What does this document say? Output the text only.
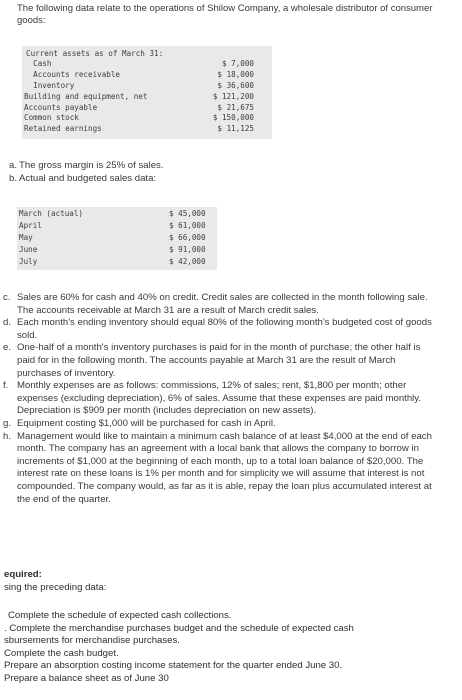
The following data relate to the operations of Shilow Company, a wholesale distributor of consumer goods:
Current assets as of March 31:
Cash	$ 7,000
Accounts receivable	$ 18,000
Inventory	$ 36,600
Building and equipment, net	$ 121,200
Accounts payable	$ 21,675
Common stock	$ 150,000
Retained earnings	$ 11,125
a. The gross margin is 25% of sales.
b. Actual and budgeted sales data:
March (actual)	$ 45,000
April	$ 61,000
May	$ 66,000
June	$ 91,000
July	$ 42,000
c. Sales are 60% for cash and 40% on credit. Credit sales are collected in the month following sale. The accounts receivable at March 31 are a result of March credit sales.
d. Each month's ending inventory should equal 80% of the following month's budgeted cost of goods sold.
e. One-half of a month's inventory purchases is paid for in the month of purchase; the other half is paid for in the following month. The accounts payable at March 31 are the result of March purchases of inventory.
f. Monthly expenses are as follows: commissions, 12% of sales; rent, $1,800 per month; other expenses (excluding depreciation), 6% of sales. Assume that these expenses are paid monthly. Depreciation is $909 per month (includes depreciation on new assets).
g. Equipment costing $1,000 will be purchased for cash in April.
h. Management would like to maintain a minimum cash balance of at least $4,000 at the end of each month. The company has an agreement with a local bank that allows the company to borrow in increments of $1,000 at the beginning of each month, up to a total loan balance of $20,000. The interest rate on these loans is 1% per month and for simplicity we will assume that interest is not compounded. The company would, as far as it is able, repay the loan plus accumulated interest at the end of the quarter.
equired:
sing the preceding data:
Complete the schedule of expected cash collections.
. Complete the merchandise purchases budget and the schedule of expected cash
sbursements for merchandise purchases.
Complete the cash budget.
Prepare an absorption costing income statement for the quarter ended June 30.
Prepare a balance sheet as of June 30
